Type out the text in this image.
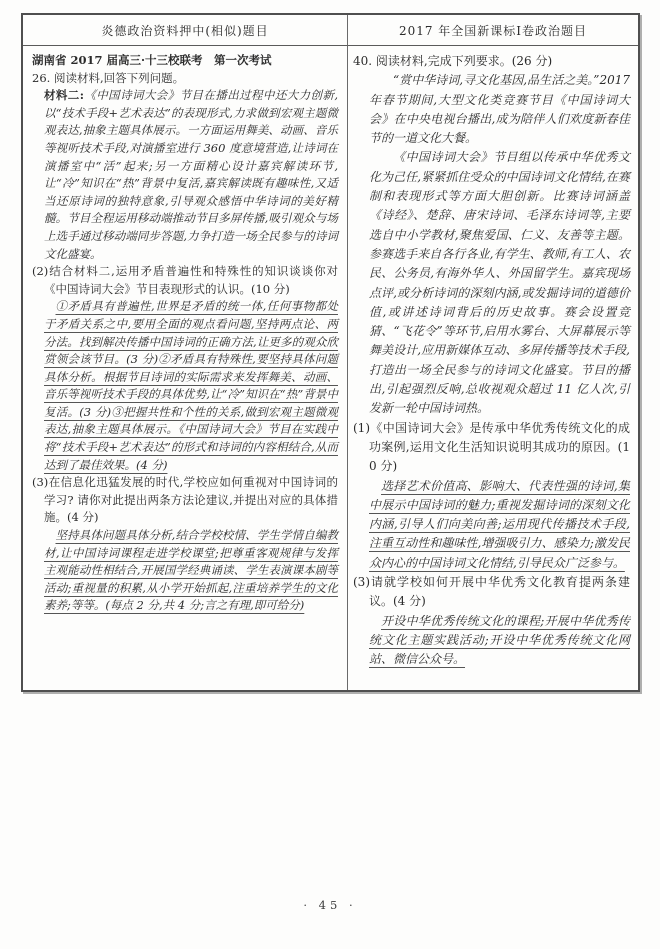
炎德政治资料押中(相似)题目	2017 年全国新课标Ⅰ卷政治题目

湖南省 2017 届高三·十三校联考　第一次考试

26. 阅读材料,回答下列问题。

材料二:《中国诗词大会》节目在播出过程中还大力创新,以“技术手段+艺术表达”的表现形式,力求做到宏观主题微观表达,抽象主题具体展示。一方面运用舞美、动画、音乐等视听技术手段,对演播室进行 360 度意境营造,让诗词在演播室中“活”起来;另一方面精心设计嘉宾解读环节,让“冷”知识在“热”背景中复活,嘉宾解读既有趣味性,又适当还原诗词的独特意象,引导观众感悟中华诗词的美好精髓。节目全程运用移动端推动节目多屏传播,吸引观众与场上选手通过移动端同步答题,力争打造一场全民参与的诗词文化盛宴。

(2)结合材料二,运用矛盾普遍性和特殊性的知识谈谈你对《中国诗词大会》节目表现形式的认识。(10 分)

①矛盾具有普遍性,世界是矛盾的统一体,任何事物都处于矛盾关系之中,要用全面的观点看问题,坚持两点论、两分法。找到解决传播中国诗词的正确方法,让更多的观众欣赏领会该节目。(3 分)②矛盾具有特殊性,要坚持具体问题具体分析。根据节目诗词的实际需求来发挥舞美、动画、音乐等视听技术手段的具体优势,让“冷”知识在“热”背景中复活。(3 分)③把握共性和个性的关系,做到宏观主题微观表达,抽象主题具体展示。《中国诗词大会》节目在实践中将“技术手段+艺术表达”的形式和诗词的内容相结合,从而达到了最佳效果。(4 分)

(3)在信息化迅猛发展的时代,学校应如何重视对中国诗词的学习? 请你对此提出两条方法论建议,并提出对应的具体措施。(4 分)

坚持具体问题具体分析,结合学校校情、学生学情自编教材,让中国诗词课程走进学校课堂;把尊重客观规律与发挥主观能动性相结合,开展国学经典诵读、学生表演课本剧等活动;重视量的积累,从小学开始抓起,注重培养学生的文化素养;等等。(每点 2 分,共 4 分;言之有理,即可给分)

40. 阅读材料,完成下列要求。(26 分)

“赏中华诗词,寻文化基因,品生活之美。”2017 年春节期间,大型文化类竞赛节目《中国诗词大会》在中央电视台播出,成为陪伴人们欢度新春佳节的一道文化大餐。

《中国诗词大会》节目组以传承中华优秀文化为己任,紧紧抓住受众的中国诗词文化情结,在赛制和表现形式等方面大胆创新。比赛诗词涵盖《诗经》、楚辞、唐宋诗词、毛泽东诗词等,主要选自中小学教材,聚焦爱国、仁义、友善等主题。参赛选手来自各行各业,有学生、教师,有工人、农民、公务员,有海外华人、外国留学生。嘉宾现场点评,或分析诗词的深刻内涵,或发掘诗词的道德价值,或讲述诗词背后的历史故事。赛会设置竞猜、“飞花令”等环节,启用水雾台、大屏幕展示等舞美设计,应用新媒体互动、多屏传播等技术手段,打造出一场全民参与的诗词文化盛宴。节目的播出,引起强烈反响,总收视观众超过 11 亿人次,引发新一轮中国诗词热。

(1)《中国诗词大会》是传承中华优秀传统文化的成功案例,运用文化生活知识说明其成功的原因。(10 分)

选择艺术价值高、影响大、代表性强的诗词,集中展示中国诗词的魅力;重视发掘诗词的深刻文化内涵,引导人们向美向善;运用现代传播技术手段,注重互动性和趣味性,增强吸引力、感染力;激发民众内心的中国诗词文化情结,引导民众广泛参与。

(3)请就学校如何开展中华优秀文化教育提两条建议。(4 分)

开设中华优秀传统文化的课程;开展中华优秀传统文化主题实践活动;开设中华优秀传统文化网站、微信公众号。

· 45 ·
